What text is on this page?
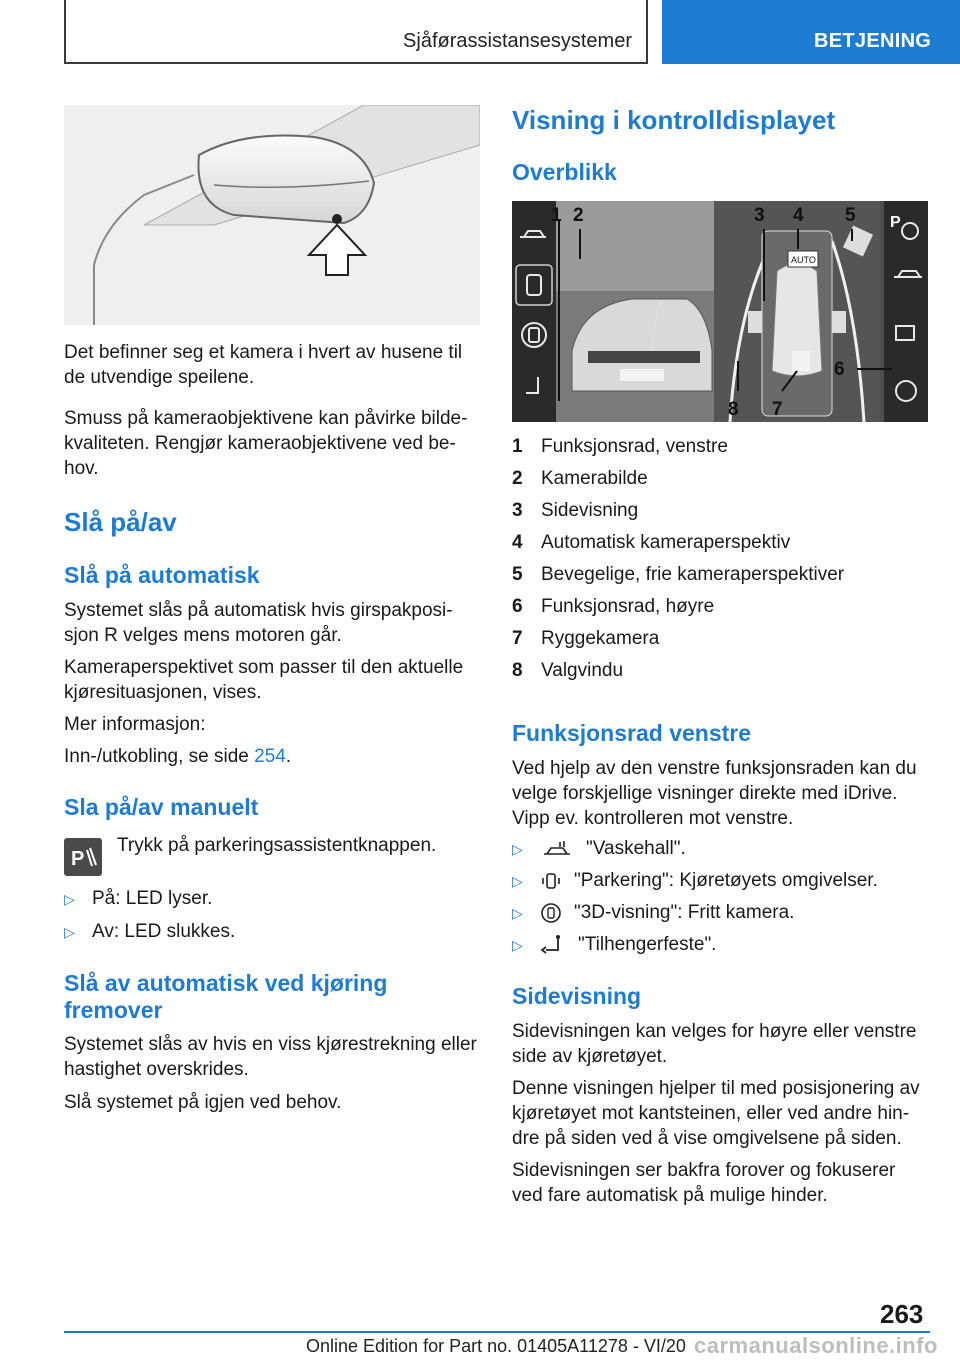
Sjåførassistansesystemer	BETJENING

Det befinner seg et kamera i hvert av husene til de utvendige speilene.

Smuss på kameraobjektivene kan påvirke bildekvaliteten. Rengjør kameraobjektivene ved behov.

Slå på/av
Slå på automatisk

Systemet slås på automatisk hvis girspakposisjon R velges mens motoren går.

Kameraperspektivet som passer til den aktuelle kjøresituasjonen, vises.

Mer informasjon:

Inn-/utkobling, se side 254.

Sla på/av manuelt
P

Trykk på parkeringsassistentknappen.

▷ På: LED lyser.
▷ Av: LED slukkes.
Slå av automatisk ved kjøring fremover

Systemet slås av hvis en viss kjørestrekning eller hastighet overskrides.

Slå systemet på igjen ved behov.

Visning i kontrolldisplayet
Overblikk
AUTO
P
1 2	3 4 5
6
7
8
1 Funksjonsrad, venstre
2 Kamerabilde
3 Sidevisning
4 Automatisk kameraperspektiv
5 Bevegelige, frie kameraperspektiver
6 Funksjonsrad, høyre
7 Ryggekamera
8 Valgvindu
Funksjonsrad venstre

Ved hjelp av den venstre funksjonsraden kan du velge forskjellige visninger direkte med iDrive. Vipp ev. kontrolleren mot venstre.

▷	"Vaskehall".
▷	"Parkering": Kjøretøyets omgivelser.
▷	"3D-visning": Fritt kamera.
▷	"Tilhengerfeste".
Sidevisning

Sidevisningen kan velges for høyre eller venstre side av kjøretøyet.

Denne visningen hjelper til med posisjonering av kjøretøyet mot kantsteinen, eller ved andre hindre på siden ved å vise omgivelsene på siden.

Sidevisningen ser bakfra forover og fokuserer ved fare automatisk på mulige hinder.

263
Online Edition for Part no. 01405A11278 - VI/20 carmanualsonline.info
